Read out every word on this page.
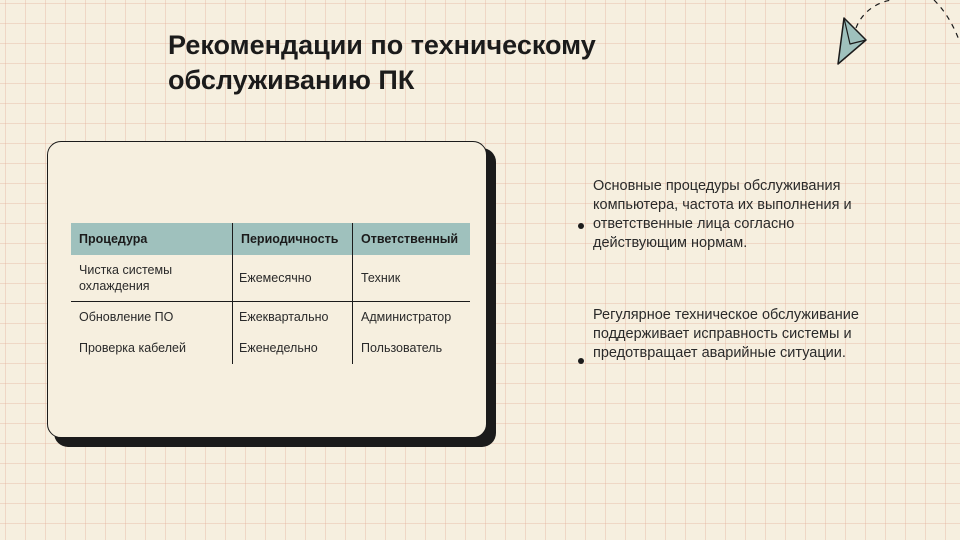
Рекомендации по техническому обслуживанию ПК
Процедура	Периодичность	Ответственный
Чистка системы охлаждения	Ежемесячно	Техник
Обновление ПО	Ежеквартально	Администратор
Проверка кабелей	Еженедельно	Пользователь

Основные процедуры обслуживания компьютера, частота их выполнения и ответственные лица согласно действующим нормам.

Регулярное техническое обслуживание поддерживает исправность системы и предотвращает аварийные ситуации.
